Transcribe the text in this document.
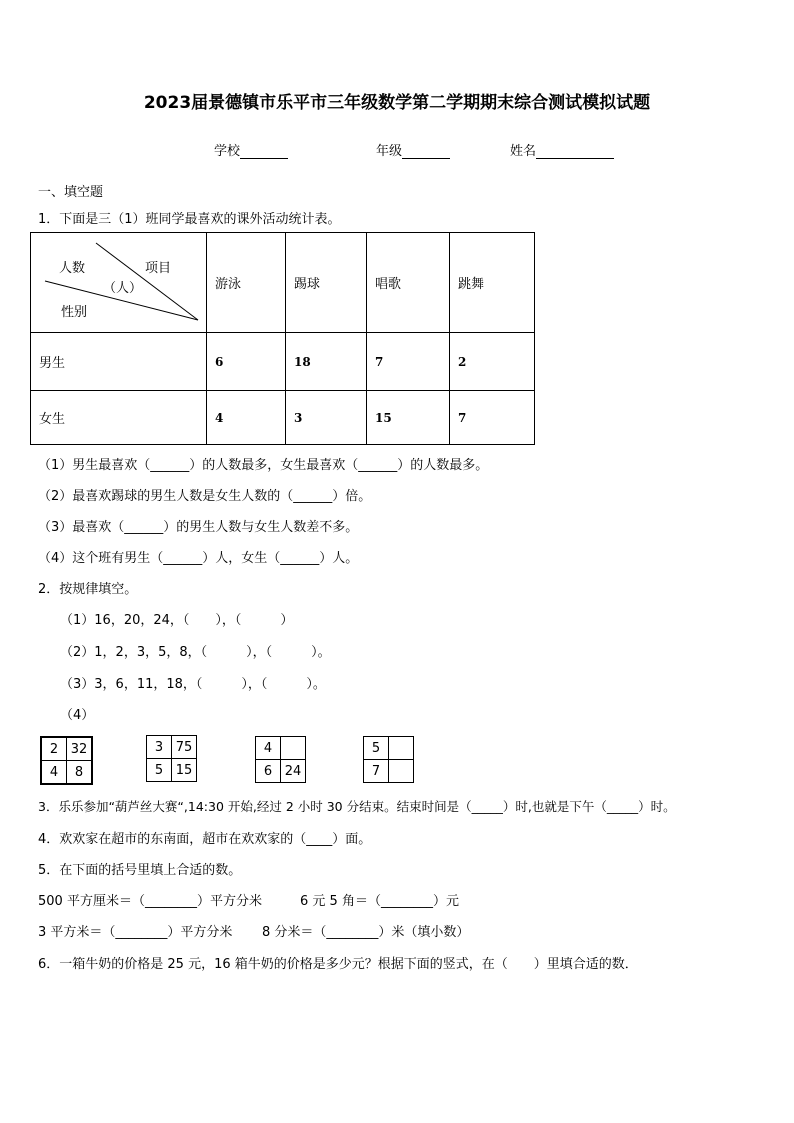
2023届景德镇市乐平市三年级数学第二学期期末综合测试模拟试题
学校	年级	姓名
一、填空题
1．下面是三（1）班同学最喜欢的课外活动统计表。
项目
人数
（人）
性别	游泳	踢球	唱歌	跳舞
男生	6	18	7	2
女生	4	3	15	7
（1）男生最喜欢（______）的人数最多，女生最喜欢（______）的人数最多。
（2）最喜欢踢球的男生人数是女生人数的（______）倍。
（3）最喜欢（______）的男生人数与女生人数差不多。
（4）这个班有男生（______）人，女生（______）人。
2．按规律填空。
（1）16，20，24，（　　），（　　　）
（2）1，2，3，5，8，（　　　），（　　　）。
（3）3，6，11，18，（　　　），（　　　）。
（4）
2	32
4	8
3	75
5	15
4	
6	24
5	
7	
3．乐乐参加“葫芦丝大赛“,14:30 开始,经过 2 小时 30 分结束。结束时间是（_____）时,也就是下午（_____）时。
4．欢欢家在超市的东南面，超市在欢欢家的（____）面。
5．在下面的括号里填上合适的数。
500 平方厘米＝（________）平方分米	6 元 5 角＝（________）元
3 平方米＝（________）平方分米 8 分米＝（________）米（填小数）
6．一箱牛奶的价格是 25 元，16 箱牛奶的价格是多少元？根据下面的竖式，在（　　）里填合适的数．
